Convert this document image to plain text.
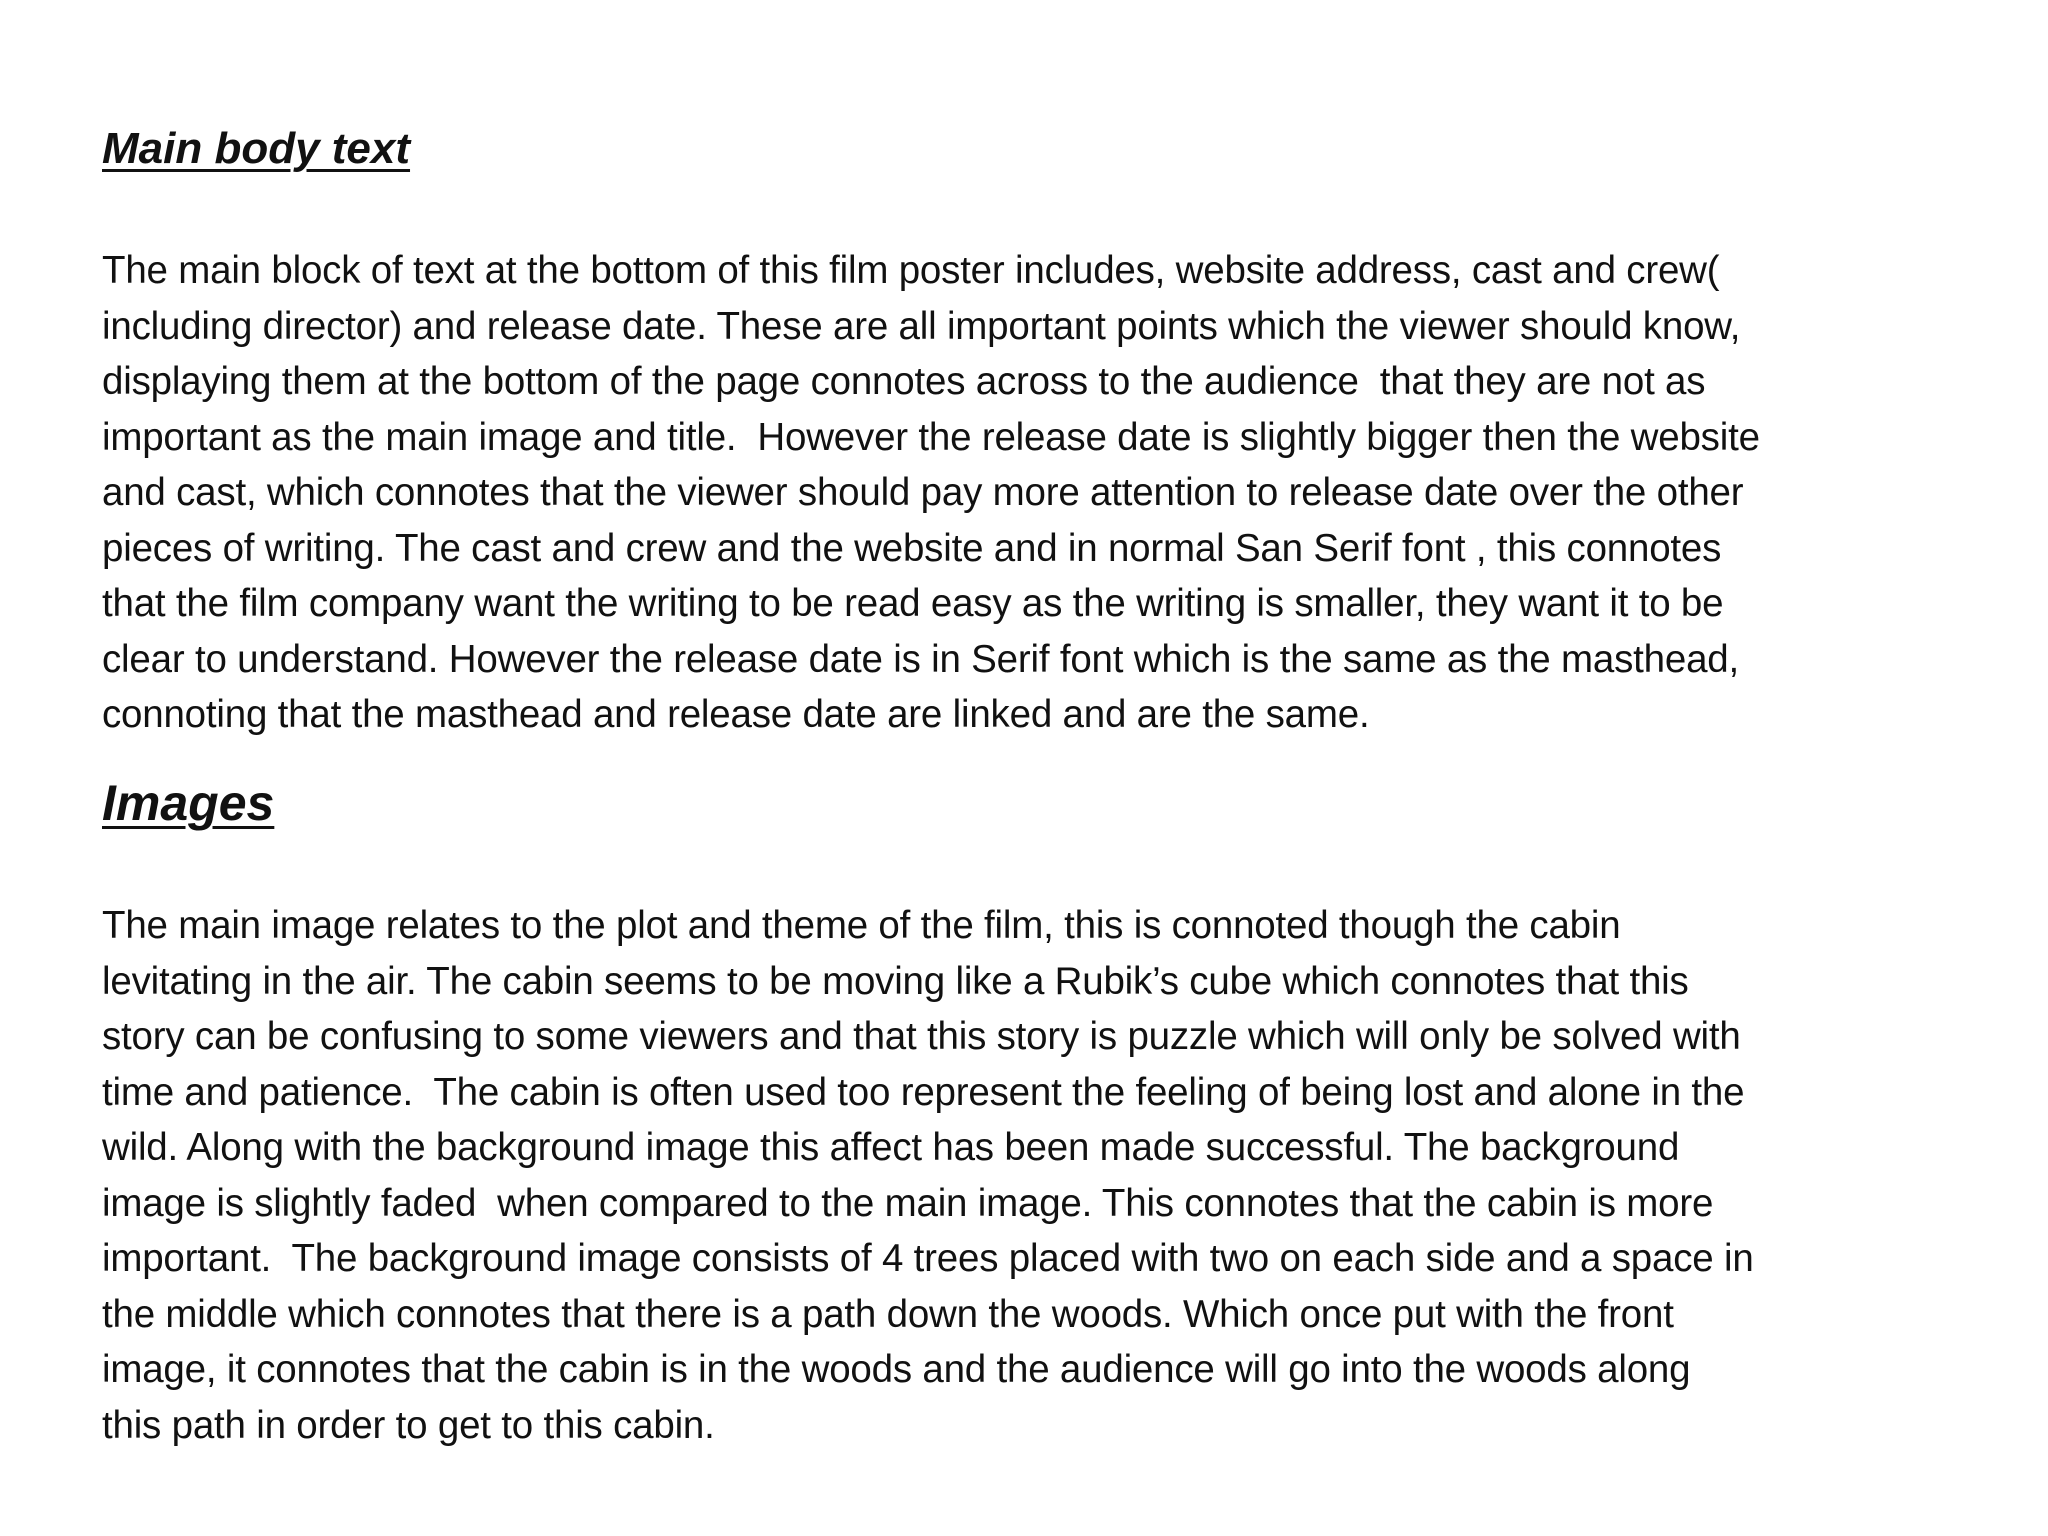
Main body text

The main block of text at the bottom of this film poster includes, website address, cast and crew(
including director) and release date. These are all important points which the viewer should know,
displaying them at the bottom of the page connotes across to the audience  that they are not as
important as the main image and title.  However the release date is slightly bigger then the website
and cast, which connotes that the viewer should pay more attention to release date over the other
pieces of writing. The cast and crew and the website and in normal San Serif font , this connotes
that the film company want the writing to be read easy as the writing is smaller, they want it to be
clear to understand. However the release date is in Serif font which is the same as the masthead,
connoting that the masthead and release date are linked and are the same.

Images

The main image relates to the plot and theme of the film, this is connoted though the cabin
levitating in the air. The cabin seems to be moving like a Rubik’s cube which connotes that this
story can be confusing to some viewers and that this story is puzzle which will only be solved with
time and patience.  The cabin is often used too represent the feeling of being lost and alone in the
wild. Along with the background image this affect has been made successful. The background
image is slightly faded  when compared to the main image. This connotes that the cabin is more
important.  The background image consists of 4 trees placed with two on each side and a space in
the middle which connotes that there is a path down the woods. Which once put with the front
image, it connotes that the cabin is in the woods and the audience will go into the woods along
this path in order to get to this cabin.
